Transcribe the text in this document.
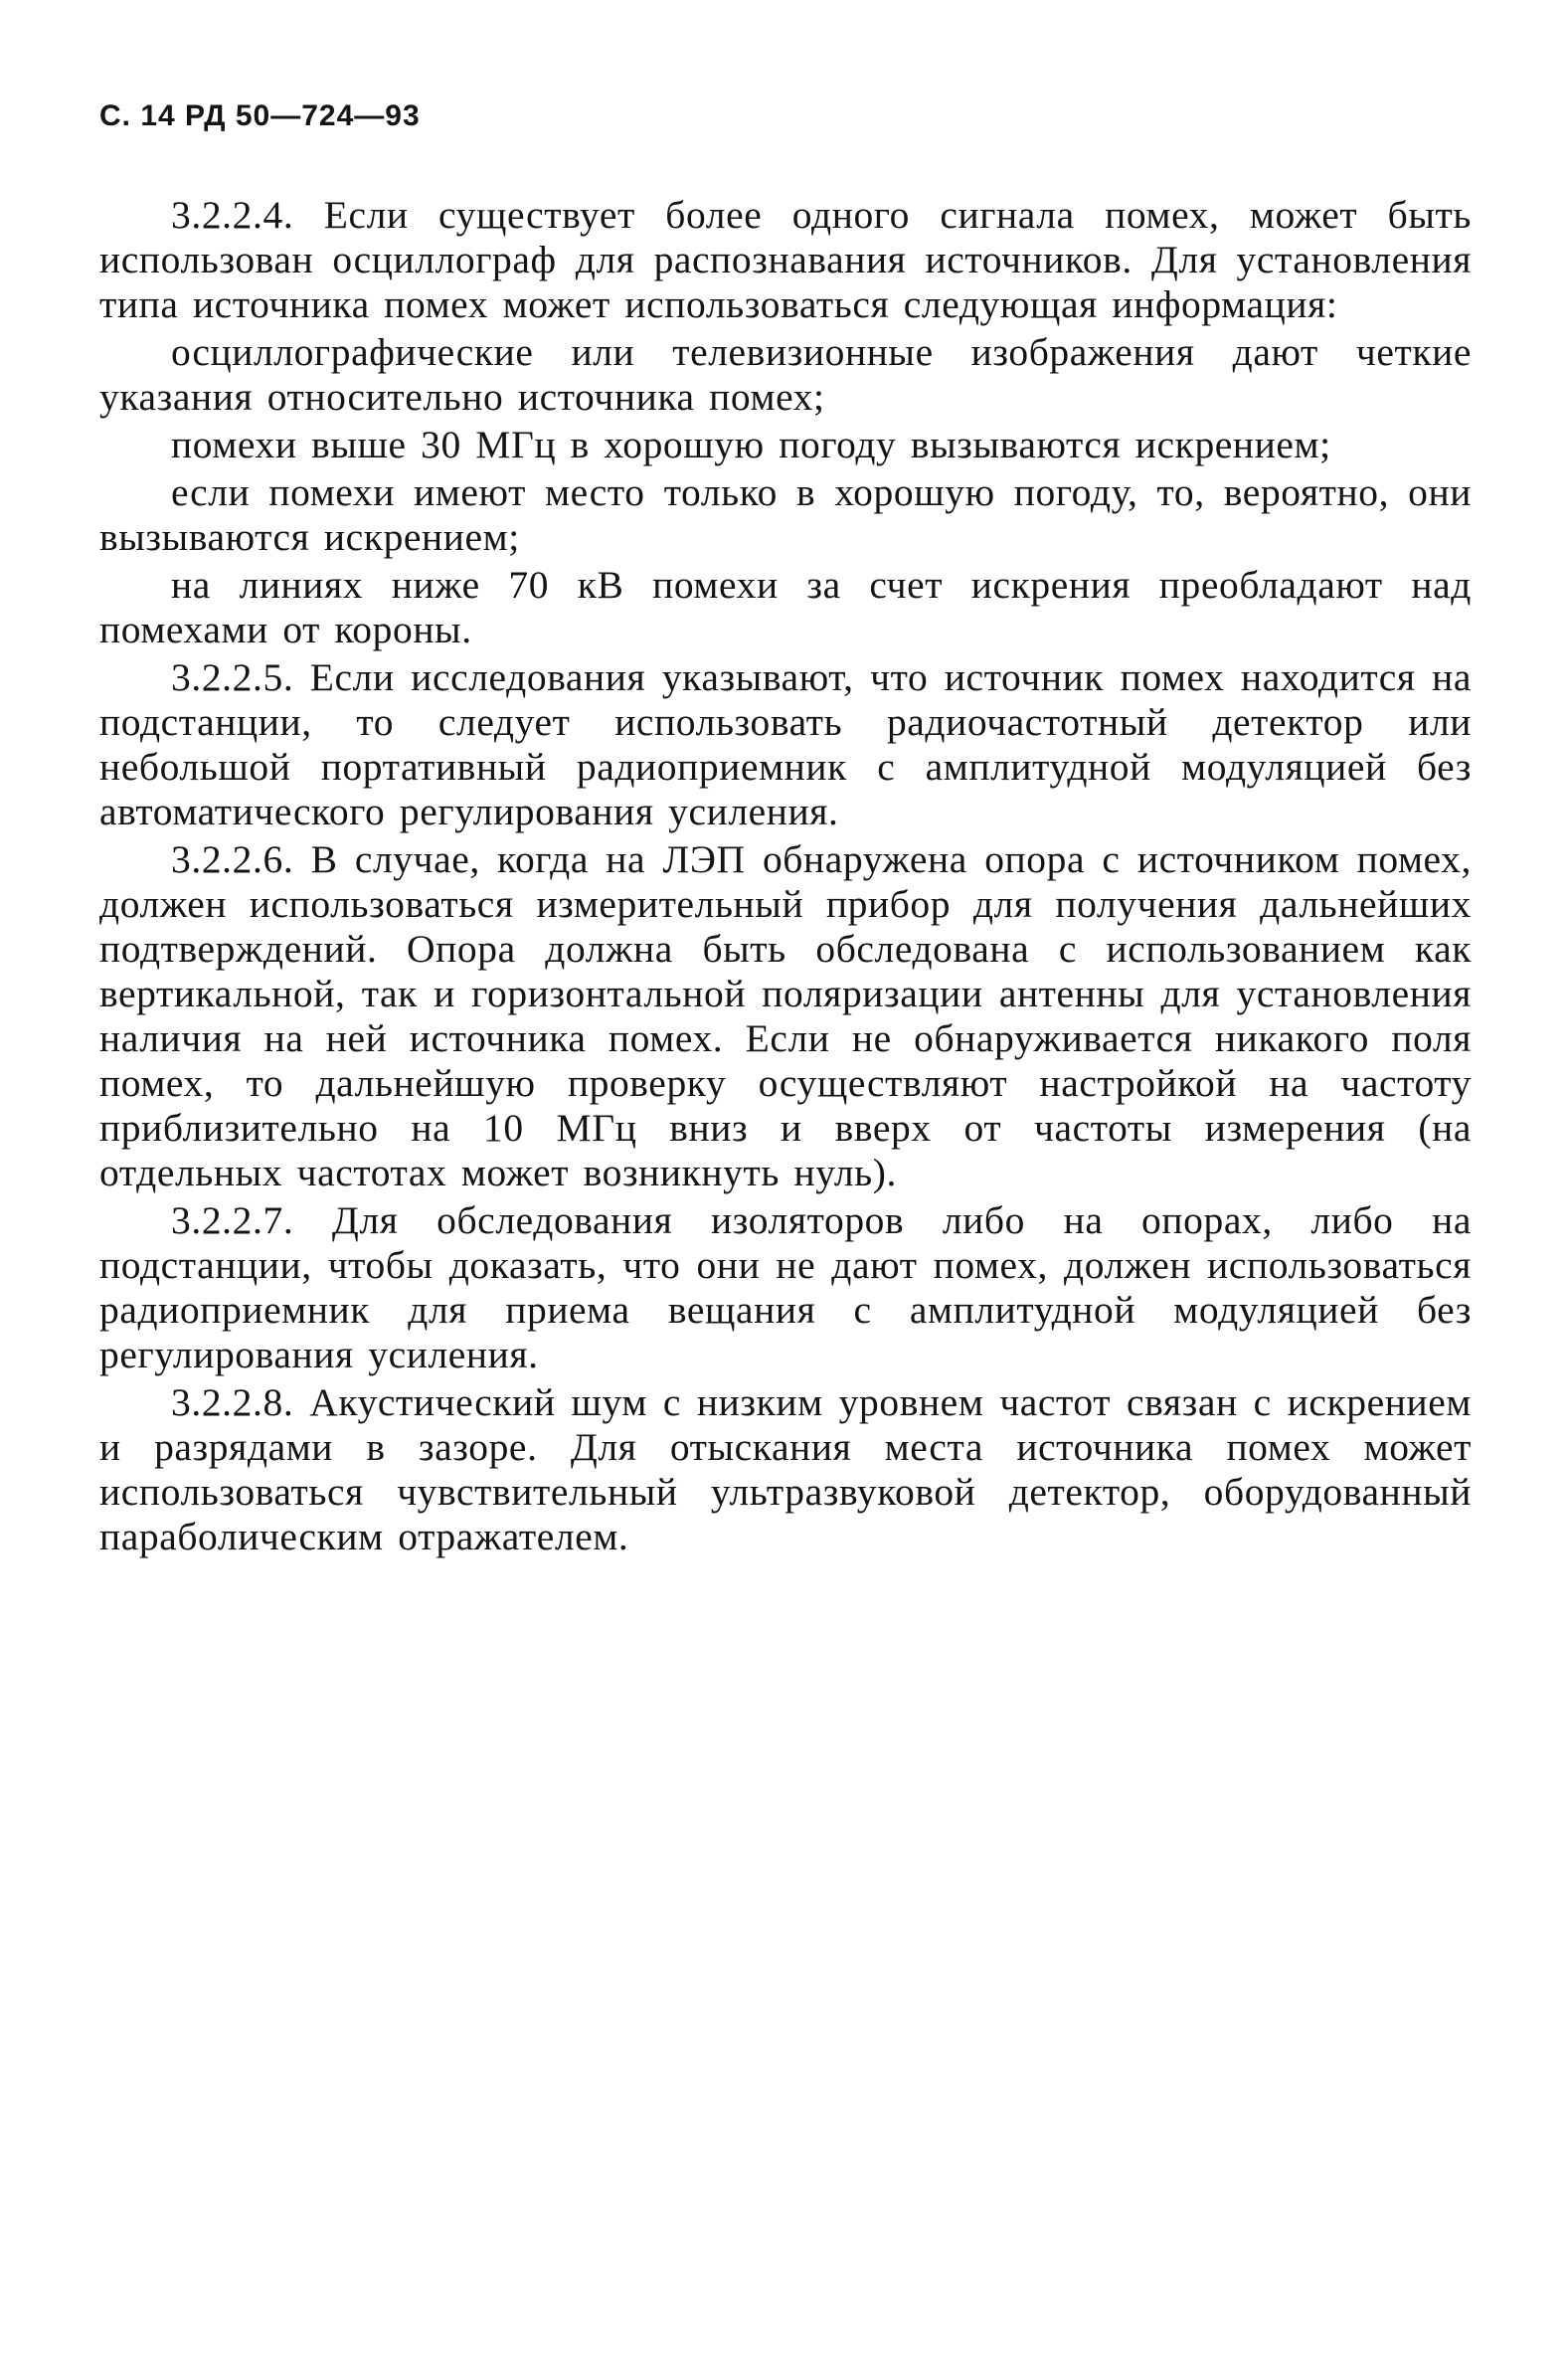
С. 14 РД 50—724—93

3.2.2.4. Если существует более одного сигнала помех, может быть использован осциллограф для распознавания источников. Для установления типа источника помех может использоваться следующая информация:

осциллографические или телевизионные изображения дают четкие указания относительно источника помех;

помехи выше 30 МГц в хорошую погоду вызываются искрением;

если помехи имеют место только в хорошую погоду, то, вероятно, они вызываются искрением;

на линиях ниже 70 кВ помехи за счет искрения преобладают над помехами от короны.

3.2.2.5. Если исследования указывают, что источник помех находится на подстанции, то следует использовать радиочастотный детектор или небольшой портативный радиоприемник с амплитудной модуляцией без автоматического регулирования усиления.

3.2.2.6. В случае, когда на ЛЭП обнаружена опора с источником помех, должен использоваться измерительный прибор для получения дальнейших подтверждений. Опора должна быть обследована с использованием как вертикальной, так и горизонтальной поляризации антенны для установления наличия на ней источника помех. Если не обнаруживается никакого поля помех, то дальнейшую проверку осуществляют настройкой на частоту приблизительно на 10 МГц вниз и вверх от частоты измерения (на отдельных частотах может возникнуть нуль).

3.2.2.7. Для обследования изоляторов либо на опорах, либо на подстанции, чтобы доказать, что они не дают помех, должен использоваться радиоприемник для приема вещания с амплитудной модуляцией без регулирования усиления.

3.2.2.8. Акустический шум с низким уровнем частот связан с искрением и разрядами в зазоре. Для отыскания места источника помех может использоваться чувствительный ультразвуковой детектор, оборудованный параболическим отражателем.
